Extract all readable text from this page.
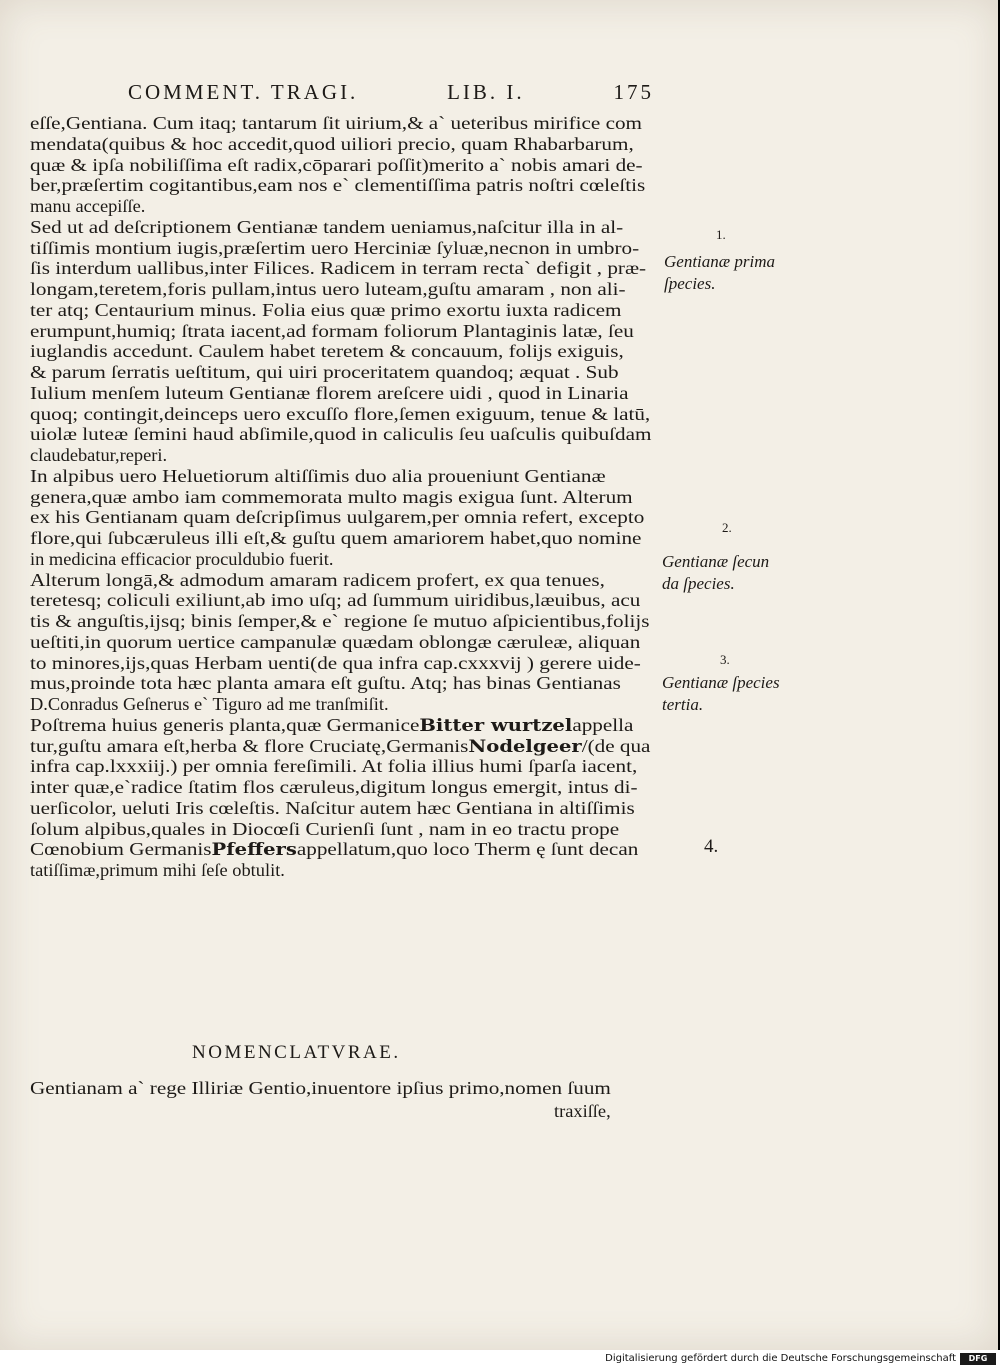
COMMENT. TRAGI.	LIB. I.	175
eſſe,Gentiana. Cum itaq; tantarum ſit uirium,& a` ueteribus mirifice com
mendata(quibus & hoc accedit,quod uiliori precio, quam Rhabarbarum,
quæ & ipſa nobiliſſima eſt radix,cōparari poſſit)merito a` nobis amari de-
ber,præſertim cogitantibus,eam nos e` clementiſſima patris noſtri cœleſtis
manu accepiſſe.
Sed ut ad deſcriptionem Gentianæ tandem ueniamus,naſcitur illa in al-
tiſſimis montium iugis,præſertim uero Herciniæ ſyluæ,necnon in umbro-
ſis interdum uallibus,inter Filices. Radicem in terram recta` defigit , præ-
longam,teretem,foris pullam,intus uero luteam,guſtu amaram , non ali-
ter atq; Centaurium minus. Folia eius quæ primo exortu iuxta radicem
erumpunt,humiq; ſtrata iacent,ad formam foliorum Plantaginis latæ, ſeu
iuglandis accedunt. Caulem habet teretem & concauum, folijs exiguis,
& parum ſerratis ueſtitum, qui uiri proceritatem quandoq; æquat . Sub
Iulium menſem luteum Gentianæ florem areſcere uidi , quod in Linaria
quoq; contingit,deinceps uero excuſſo flore,ſemen exiguum, tenue & latū,
uiolæ luteæ ſemini haud abſimile,quod in caliculis ſeu uaſculis quibuſdam
claudebatur,reperi.
In alpibus uero Heluetiorum altiſſimis duo alia proueniunt Gentianæ
genera,quæ ambo iam commemorata multo magis exigua ſunt. Alterum
ex his Gentianam quam deſcripſimus uulgarem,per omnia refert, excepto
flore,qui ſubcæruleus illi eſt,& guſtu quem amariorem habet,quo nomine
in medicina efficacior proculdubio fuerit.
Alterum longā,& admodum amaram radicem profert, ex qua tenues,
teretesq; coliculi exiliunt,ab imo uſq; ad ſummum uiridibus,læuibus, acu
tis & anguſtis,ijsq; binis ſemper,& e` regione ſe mutuo aſpicientibus,folijs
ueſtiti,in quorum uertice campanulæ quædam oblongæ cæruleæ, aliquan
to minores,ijs,quas Herbam uenti(de qua infra cap.cxxxvij ) gerere uide-
mus,proinde tota hæc planta amara eſt guſtu. Atq; has binas Gentianas
D.Conradus Geſnerus e` Tiguro ad me tranſmiſit.
Poſtrema huius generis planta,quæ GermaniceBitter wurtzelappella
tur,guſtu amara eſt,herba & flore Cruciatę,GermanisNodelgeer/(de qua
infra cap.lxxxiij.) per omnia fereſimili. At folia illius humi ſparſa iacent,
inter quæ,e`radice ſtatim flos cæruleus,digitum longus emergit, intus di-
uerſicolor, ueluti Iris cœleſtis. Naſcitur autem hæc Gentiana in altiſſimis
ſolum alpibus,quales in Diocœſi Curienſi ſunt , nam in eo tractu prope
Cœnobium GermanisPfeffersappellatum,quo loco Therm ę ſunt decan
tatiſſimæ,primum mihi ſeſe obtulit.
NOMENCLATVRAE.
Gentianam a` rege Illiriæ Gentio,inuentore ipſius primo,nomen ſuum
traxiſſe,
1.
Gentianæ prima
ſpecies.
2.
Gentianæ ſecun
da ſpecies.
3.
Gentianæ ſpecies
tertia.
4.
Digitalisierung gefördert durch die Deutsche Forschungsgemeinschaft	DFG
